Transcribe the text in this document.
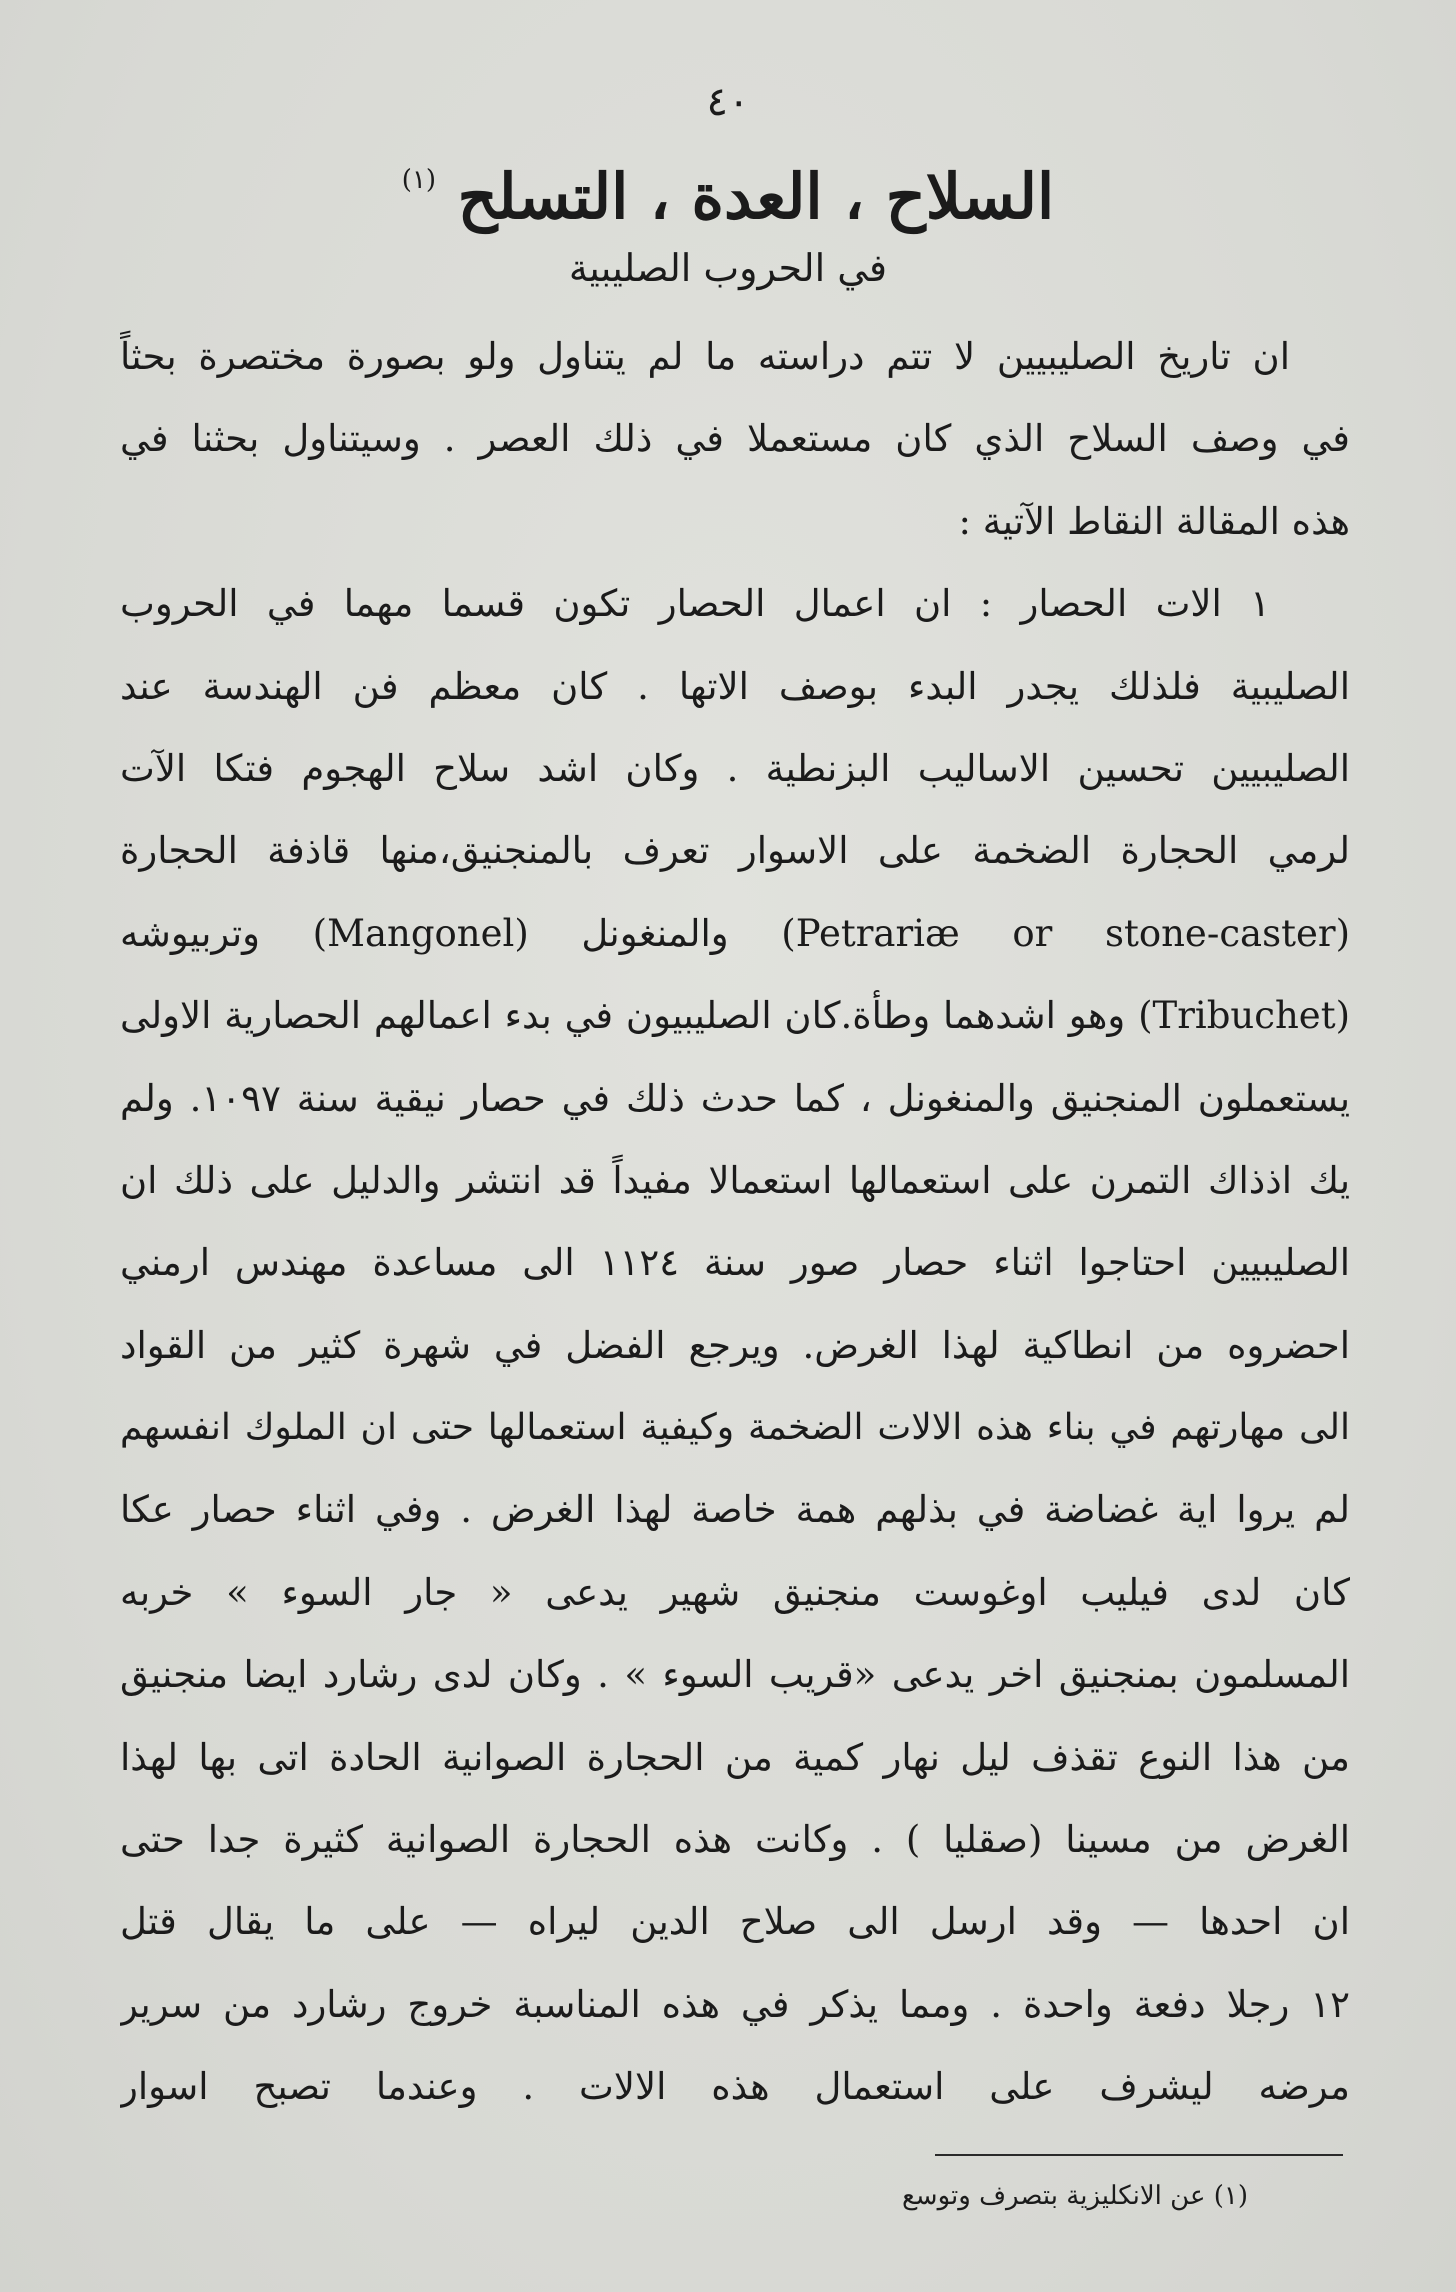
٤٠
السلاح ، العدة ، التسلح $^{(١)}$
في الحروب الصليبية
ان تاريخ الصليبيين لا تتم دراسته ما لم يتناول ولو بصورة مختصرة بحثاً
في وصف السلاح الذي كان مستعملا في ذلك العصر . وسيتناول بحثنا في
هذه المقالة النقاط الآتية :
١ الات الحصار : ان اعمال الحصار تكون قسما مهما في الحروب
الصليبية فلذلك يجدر البدء بوصف الاتها . كان معظم فن الهندسة عند
الصليبيين تحسين الاساليب البزنطية . وكان اشد سلاح الهجوم فتكا الآت
لرمي الحجارة الضخمة على الاسوار تعرف بالمنجنيق،منها قاذفة الحجارة
(Petrariæ or stone-caster) والمنغونل (Mangonel) وتربيوشه
(Tribuchet) وهو اشدهما وطأة.كان الصليبيون في بدء اعمالهم الحصارية الاولى
يستعملون المنجنيق والمنغونل ، كما حدث ذلك في حصار نيقية سنة ١٠٩٧. ولم
يك اذذاك التمرن على استعمالها استعمالا مفيداً قد انتشر والدليل على ذلك ان
الصليبيين احتاجوا اثناء حصار صور سنة ١١٢٤ الى مساعدة مهندس ارمني
احضروه من انطاكية لهذا الغرض. ويرجع الفضل في شهرة كثير من القواد
الى مهارتهم في بناء هذه الالات الضخمة وكيفية استعمالها حتى ان الملوك انفسهم
لم يروا اية غضاضة في بذلهم همة خاصة لهذا الغرض . وفي اثناء حصار عكا
كان لدى فيليب اوغوست منجنيق شهير يدعى « جار السوء » خربه
المسلمون بمنجنيق اخر يدعى «قريب السوء » . وكان لدى رشارد ايضا منجنيق
من هذا النوع تقذف ليل نهار كمية من الحجارة الصوانية الحادة اتى بها لهذا
الغرض من مسينا (صقليا ) . وكانت هذه الحجارة الصوانية كثيرة جدا حتى
ان احدها — وقد ارسل الى صلاح الدين ليراه — على ما يقال قتل
١٢ رجلا دفعة واحدة . ومما يذكر في هذه المناسبة خروج رشارد من سرير
مرضه ليشرف على استعمال هذه الالات . وعندما تصبح اسوار
(١) عن الانكليزية بتصرف وتوسع
